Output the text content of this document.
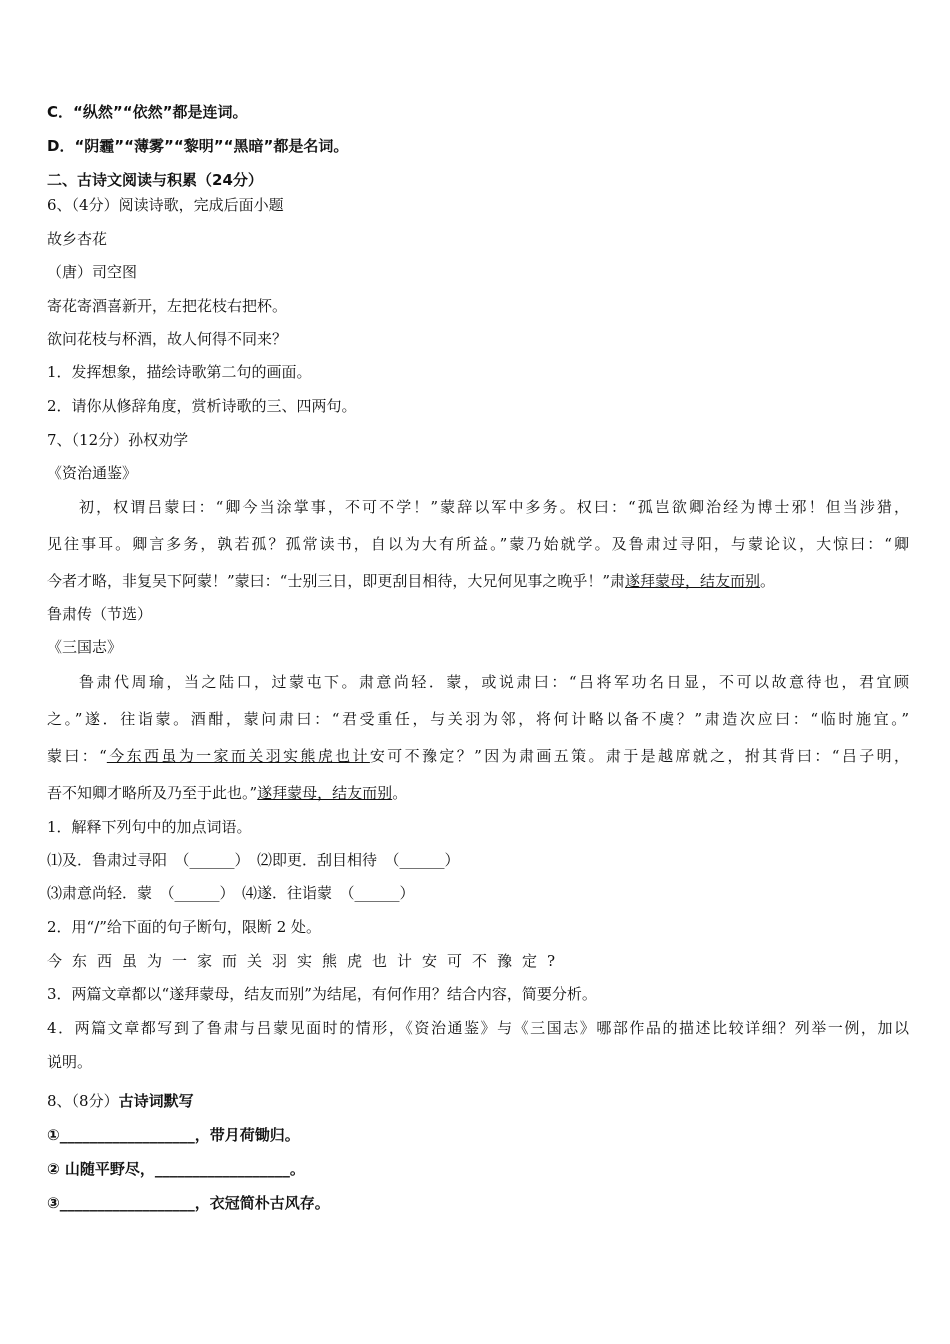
C．“纵然”“依然”都是连词。

D．“阴霾”“薄雾”“黎明”“黑暗”都是名词。

二、古诗文阅读与积累（24分）

6、（4分）阅读诗歌，完成后面小题

故乡杏花

（唐）司空图

寄花寄酒喜新开，左把花枝右把杯。

欲问花枝与杯酒，故人何得不同来？

1．发挥想象，描绘诗歌第二句的画面。

2．请你从修辞角度，赏析诗歌的三、四两句。

7、（12分）孙权劝学

《资治通鉴》

初，权谓吕蒙曰：“卿今当涂掌事，不可不学！”蒙辞以军中多务。权曰：“孤岂欲卿治经为博士邪！但当涉猎，

见往事耳。卿言多务，孰若孤？孤常读书，自以为大有所益。”蒙乃始就学。及鲁肃过寻阳，与蒙论议，大惊曰：“卿

今者才略，非复吴下阿蒙！”蒙曰：“士别三日，即更刮目相待，大兄何见事之晚乎！”肃遂拜蒙母，结友而别。

鲁肃传（节选）

《三国志》

鲁肃代周瑜，当之陆口，过蒙屯下。肃意尚轻．蒙，或说肃曰：“吕将军功名日显，不可以故意待也，君宜顾

之。”遂．往诣蒙。酒酣，蒙问肃曰：“君受重任，与关羽为邻，将何计略以备不虞？”肃造次应曰：“临时施宜。”

蒙曰：“今东西虽为一家而关羽实熊虎也计安可不豫定？”因为肃画五策。肃于是越席就之，拊其背曰：“吕子明，

吾不知卿才略所及乃至于此也。”遂拜蒙母，结友而别。

1．解释下列句中的加点词语。

⑴及．鲁肃过寻阳　（______）　⑵即更．刮目相待　（______）

⑶肃意尚轻．蒙　（______）　⑷遂．往诣蒙　（______）

2．用“/”给下面的句子断句，限断 2 处。

今东西虽为一家而关羽实熊虎也计安可不豫定?

3．两篇文章都以“遂拜蒙母，结友而别”为结尾，有何作用？结合内容，简要分析。

4．两篇文章都写到了鲁肃与吕蒙见面时的情形，《资治通鉴》与《三国志》哪部作品的描述比较详细？列举一例，加以

说明。

8、（8分）古诗词默写

①__________________，带月荷锄归。

② 山随平野尽，__________________。

③__________________，衣冠简朴古风存。
